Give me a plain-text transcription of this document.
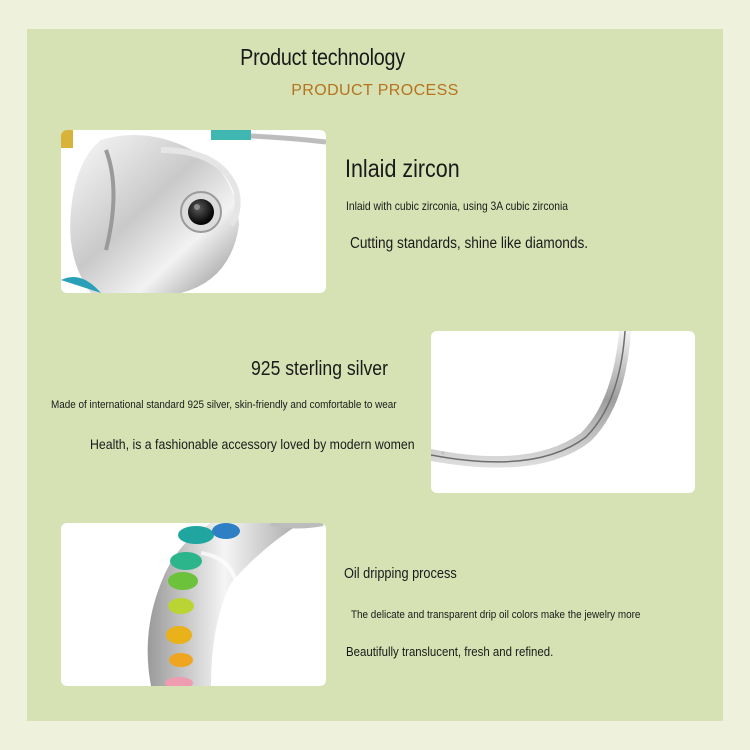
Product technology
PRODUCT PROCESS
Inlaid zircon
Inlaid with cubic zirconia, using 3A cubic zirconia
Cutting standards, shine like diamonds.
925 sterling silver
Made of international standard 925 silver, skin-friendly and comfortable to wear
Health, is a fashionable accessory loved by modern women
Oil dripping process
The delicate and transparent drip oil colors make the jewelry more
Beautifully translucent, fresh and refined.
